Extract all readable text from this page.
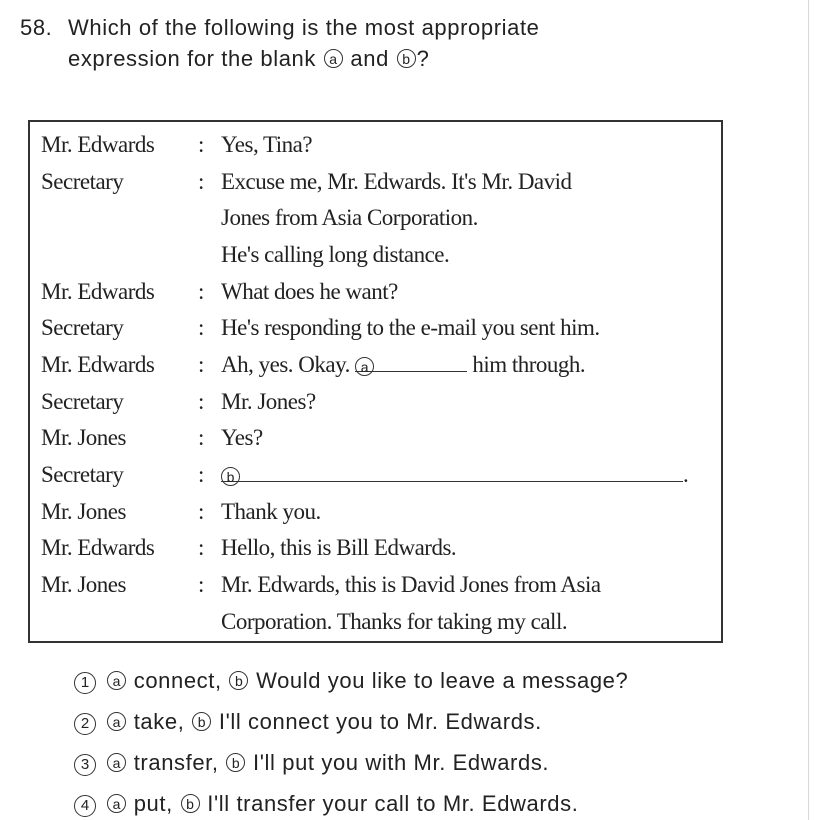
58. Which of the following is the most appropriate
expression for the blank a and b ?
Mr. Edwards : Yes, Tina?
Secretary	: Excuse me, Mr. Edwards. It's Mr. David
Jones from Asia Corporation.
He's calling long distance.
Mr. Edwards : What does he want?
Secretary	: He's responding to the e-mail you sent him.
Mr. Edwards : Ah, yes. Okay. a	him through.
Secretary	: Mr. Jones?
Mr. Jones	: Yes?
Secretary	:	b	.
Mr. Jones	: Thank you.
Mr. Edwards : Hello, this is Bill Edwards.
Mr. Jones	: Mr. Edwards, this is David Jones from Asia
Corporation. Thanks for taking my call.
1 a connect, b Would you like to leave a message?
2 a take, b I'll connect you to Mr. Edwards.
3 a transfer, b I'll put you with Mr. Edwards.
4 a put, b I'll transfer your call to Mr. Edwards.
